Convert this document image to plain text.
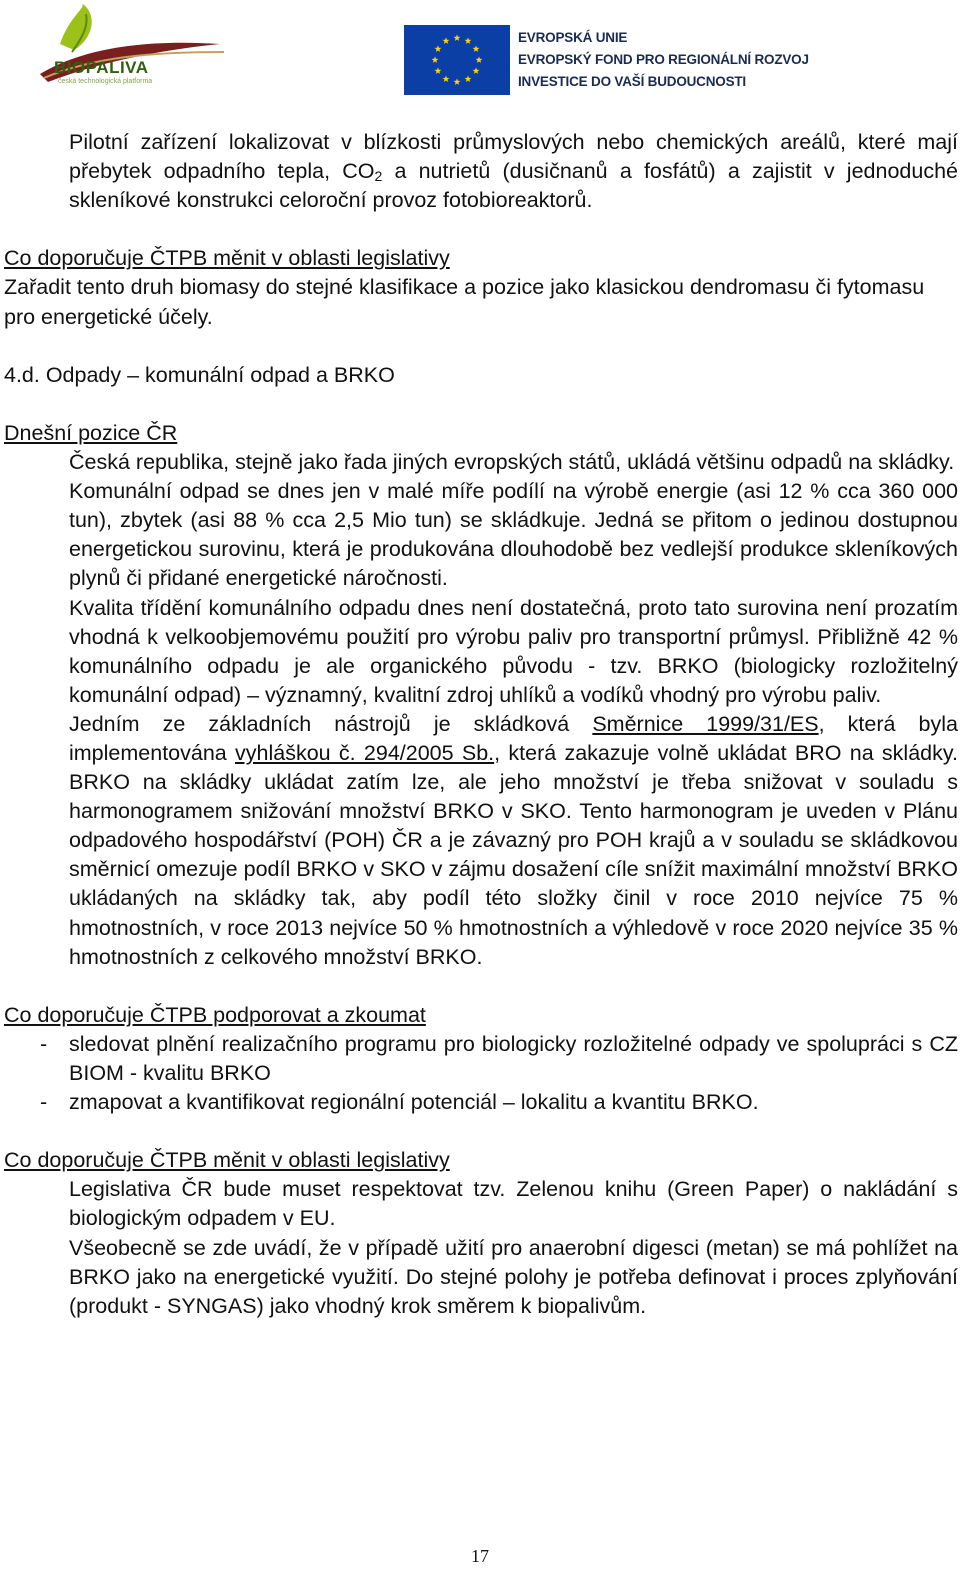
BIOPALIVA
česká technologická platforma
EVROPSKÁ UNIE
EVROPSKÝ FOND PRO REGIONÁLNÍ ROZVOJ
INVESTICE DO VAŠÍ BUDOUCNOSTI

Pilotní zařízení lokalizovat v blízkosti průmyslových nebo chemických areálů, které mají přebytek odpadního tepla, $CO_2$ a nutrietů (dusičnanů a fosfátů) a zajistit v jednoduché skleníkové konstrukci celoroční provoz fotobioreaktorů.

Co doporučuje ČTPB měnit v oblasti legislativy

Zařadit tento druh biomasy do stejné klasifikace a pozice jako klasickou dendromasu či fytomasu pro energetické účely.

4.d. Odpady – komunální odpad a BRKO

Dnešní pozice ČR

Česká republika, stejně jako řada jiných evropských států, ukládá většinu odpadů na skládky.

Komunální odpad se dnes jen v malé míře podílí na výrobě energie (asi 12 % cca 360 000 tun), zbytek (asi 88 % cca 2,5 Mio tun) se skládkuje. Jedná se přitom o jedinou dostupnou energetickou surovinu, která je produkována dlouhodobě bez vedlejší produkce skleníkových plynů či přidané energetické náročnosti.

Kvalita třídění komunálního odpadu dnes není dostatečná, proto tato surovina není prozatím vhodná k velkoobjemovému použití pro výrobu paliv pro transportní průmysl. Přibližně 42 % komunálního odpadu je ale organického původu - tzv. BRKO (biologicky rozložitelný komunální odpad) – významný, kvalitní zdroj uhlíků a vodíků vhodný pro výrobu paliv.

Jedním ze základních nástrojů je skládková Směrnice 1999/31/ES, která byla implementována vyhláškou č. 294/2005 Sb., která zakazuje volně ukládat BRO na skládky. BRKO na skládky ukládat zatím lze, ale jeho množství je třeba snižovat v souladu s harmonogramem snižování množství BRKO v SKO. Tento harmonogram je uveden v Plánu odpadového hospodářství (POH) ČR a je závazný pro POH krajů a v souladu se skládkovou směrnicí omezuje podíl BRKO v SKO v zájmu dosažení cíle snížit maximální množství BRKO ukládaných na skládky tak, aby podíl této složky činil v roce 2010 nejvíce 75 % hmotnostních, v roce 2013 nejvíce 50 % hmotnostních a výhledově v roce 2020 nejvíce 35 % hmotnostních z celkového množství BRKO.

Co doporučuje ČTPB podporovat a zkoumat

-	sledovat plnění realizačního programu pro biologicky rozložitelné odpady ve spolupráci s CZ BIOM - kvalitu BRKO
-	zmapovat a kvantifikovat regionální potenciál – lokalitu a kvantitu BRKO.

Co doporučuje ČTPB měnit v oblasti legislativy

Legislativa ČR bude muset respektovat tzv. Zelenou knihu (Green Paper) o nakládání s biologickým odpadem v EU.

Všeobecně se zde uvádí, že v případě užití pro anaerobní digesci (metan) se má pohlížet na BRKO jako na energetické využití. Do stejné polohy je potřeba definovat i proces zplyňování (produkt - SYNGAS) jako vhodný krok směrem k biopalivům.

17
